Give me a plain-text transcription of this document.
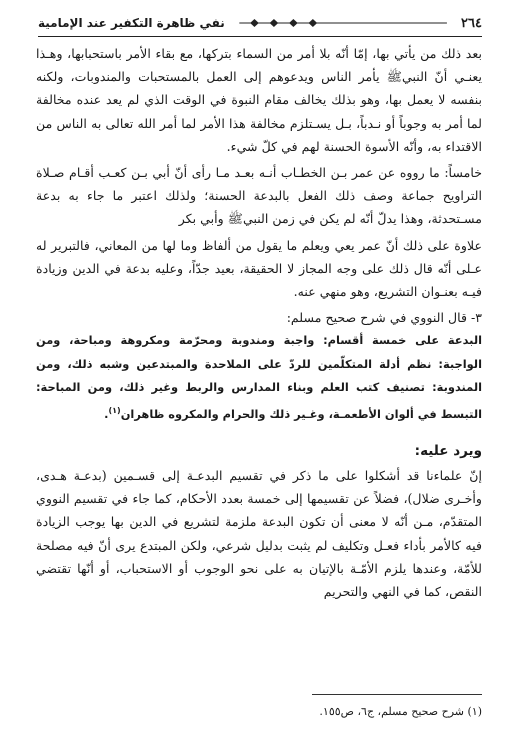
٢٦٤
نفي ظاهرة التكفير عند الإمامية

بعد ذلك من يأتي بها، إمّا أنّه بلا أمر من السماء بتركها، مع بقاء الأمر باستحبابها، وهـذا يعنـي أنّ النبيﷺ يأمر الناس ويدعوهم إلى العمل بالمستحبات والمندوبات، ولكنه بنفسه لا يعمل بها، وهو بذلك يخالف مقام النبوة في الوقت الذي لم يعد عنده مخالفة لما أمر به وجوباً أو نـدباً، بـل يسـتلزم مخالفة هذا الأمر لما أمر الله تعالى به الناس من الاقتداء به، وأنّه الأسوة الحسنة لهم في كلّ شيء.

خامساً: ما رووه عن عمر بـن الخطـاب أنـه بعـد مـا رأى أنّ أبي بـن كعـب أقـام صـلاة التراويح جماعة وصف ذلك الفعل بالبدعة الحسنة؛ ولذلك اعتبر ما جاء به بدعة مسـتحدثة، وهذا يدلّ أنّه لم يكن في زمن النبيﷺ وأبي بكر

علاوة على ذلك أنّ عمر يعي ويعلم ما يقول من ألفاظ وما لها من المعاني، فالتبرير له عـلى أنّه قال ذلك على وجه المجاز لا الحقيقة، بعيد جدّاً، وعليه بدعة في الدين وزيادة فيـه بعنـوان التشريع، وهو منهي عنه.

٣- قال النووي في شرح صحيح مسلم:

البدعة على خمسة أقسام: واجبة ومندوبة ومحرّمة ومكروهة ومباحة، ومن الواجبة: نظم أدلة المتكلّمين للردّ على الملاحدة والمبتدعين وشبه ذلك، ومن المندوبة: تصنيف كتب العلم وبناء المدارس والربط وغير ذلك، ومن المباحة: التبسط في ألوان الأطعمـة، وغـير ذلك والحرام والمكروه ظاهران$^{(١)}$.

ويرد عليه:

إنّ علماءنا قد أشكلوا على ما ذكر في تقسيم البدعـة إلى قسـمين (بدعـة هـدى، وأخـرى ضلال)، فضلاً عن تقسيمها إلى خمسة بعدد الأحكام، كما جاء في تقسيم النووي المتقدّم، مـن أنّه لا معنى أن تكون البدعة ملزمة لتشريع في الدين بها يوجب الزيادة فيه كالأمر بأداء فعـل وتكليف لم يثبت بدليل شرعي، ولكن المبتدع يرى أنّ فيه مصلحة للأمّة، وعندها يلزم الأمّـة بالإتيان به على نحو الوجوب أو الاستحباب، أو أنّها تقتضي النقص، كما في النهي والتحريم

(١) شرح صحيح مسلم، ج٦، ص١٥٥.
